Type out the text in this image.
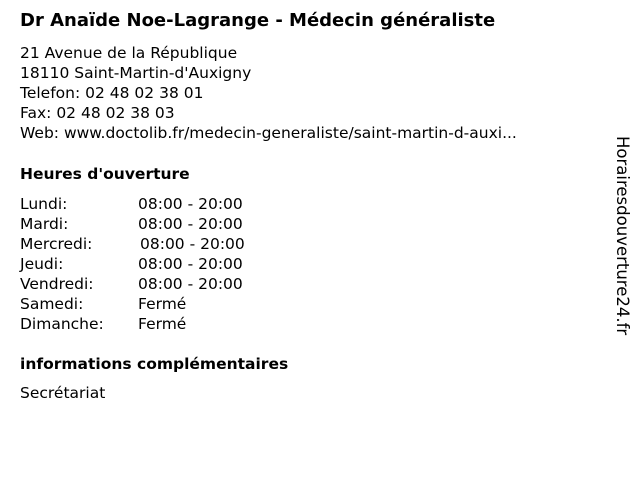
Dr Anaïde Noe-Lagrange - Médecin généraliste
21 Avenue de la République
18110 Saint-Martin-d'Auxigny
Telefon: 02 48 02 38 01
Fax: 02 48 02 38 03
Web: www.doctolib.fr/medecin-generaliste/saint-martin-d-auxi...
Heures d'ouverture
Lundi:	08:00 - 20:00
Mardi:	08:00 - 20:00
Mercredi:	08:00 - 20:00
Jeudi:	08:00 - 20:00
Vendredi:	08:00 - 20:00
Samedi:	Fermé
Dimanche: Fermé
informations complémentaires
Secrétariat
Horairesdouverture24.fr
